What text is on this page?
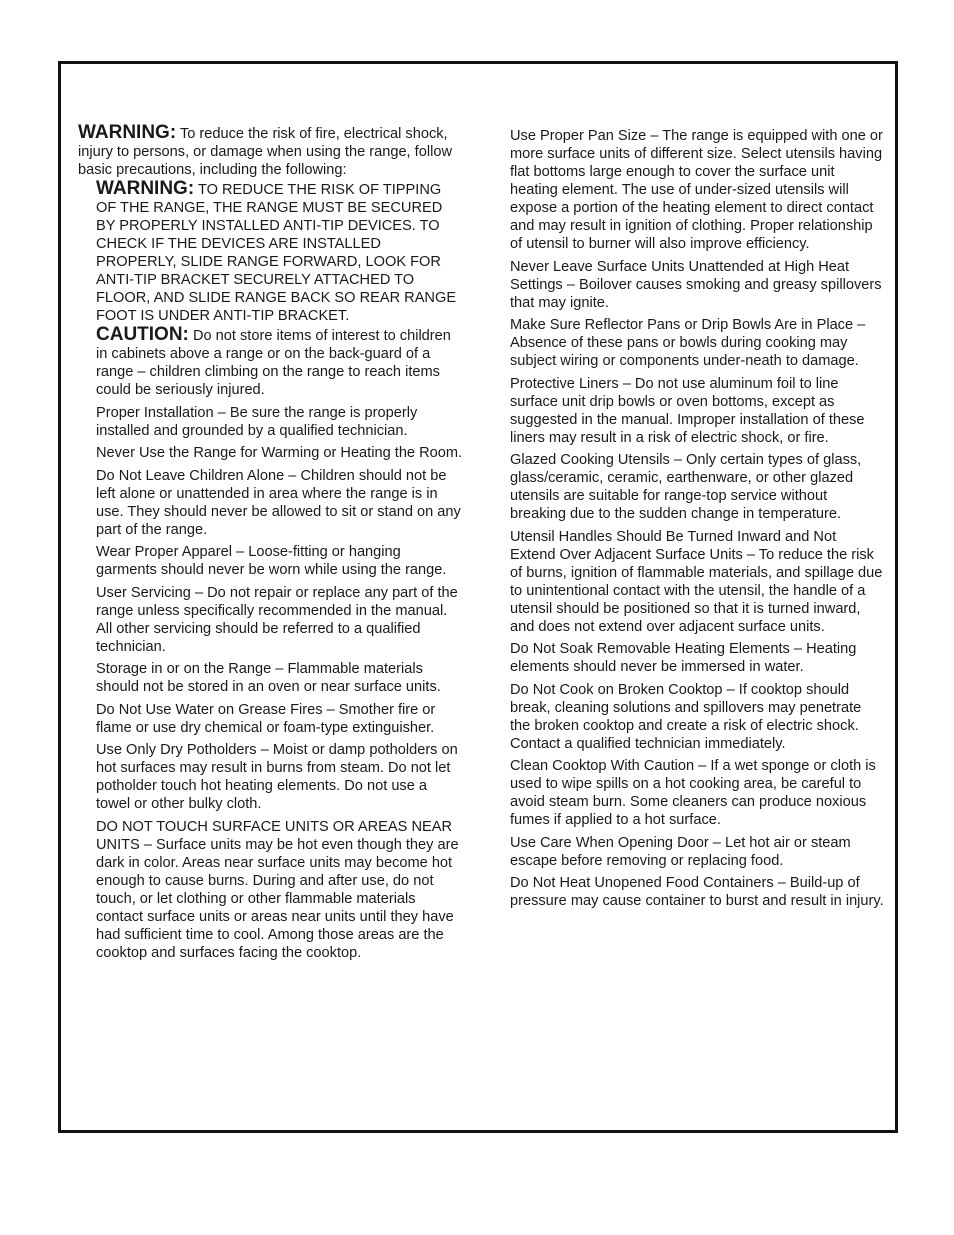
WARNING: To reduce the risk of fire, electrical shock, injury to persons, or damage when using the range, follow basic precautions, including the following:

WARNING: TO REDUCE THE RISK OF TIPPING OF THE RANGE, THE RANGE MUST BE SECURED BY PROPERLY INSTALLED ANTI-TIP DEVICES. TO CHECK IF THE DEVICES ARE INSTALLED PROPERLY, SLIDE RANGE FORWARD, LOOK FOR ANTI-TIP BRACKET SECURELY ATTACHED TO FLOOR, AND SLIDE RANGE BACK SO REAR RANGE FOOT IS UNDER ANTI-TIP BRACKET.

CAUTION: Do not store items of interest to children in cabinets above a range or on the back-guard of a range – children climbing on the range to reach items could be seriously injured.

Proper Installation – Be sure the range is properly installed and grounded by a qualified technician.

Never Use the Range for Warming or Heating the Room.

Do Not Leave Children Alone – Children should not be left alone or unattended in area where the range is in use. They should never be allowed to sit or stand on any part of the range.

Wear Proper Apparel – Loose-fitting or hanging garments should never be worn while using the range.

User Servicing – Do not repair or replace any part of the range unless specifically recommended in the manual. All other servicing should be referred to a qualified technician.

Storage in or on the Range – Flammable materials should not be stored in an oven or near surface units.

Do Not Use Water on Grease Fires – Smother fire or flame or use dry chemical or foam-type extinguisher.

Use Only Dry Potholders – Moist or damp potholders on hot surfaces may result in burns from steam. Do not let potholder touch hot heating elements. Do not use a towel or other bulky cloth.

DO NOT TOUCH SURFACE UNITS OR AREAS NEAR UNITS – Surface units may be hot even though they are dark in color. Areas near surface units may become hot enough to cause burns. During and after use, do not touch, or let clothing or other flammable materials contact surface units or areas near units until they have had sufficient time to cool. Among those areas are the cooktop and surfaces facing the cooktop.

Use Proper Pan Size – The range is equipped with one or more surface units of different size. Select utensils having flat bottoms large enough to cover the surface unit heating element. The use of under-sized utensils will expose a portion of the heating element to direct contact and may result in ignition of clothing. Proper relationship of utensil to burner will also improve efficiency.

Never Leave Surface Units Unattended at High Heat Settings – Boilover causes smoking and greasy spillovers that may ignite.

Make Sure Reflector Pans or Drip Bowls Are in Place – Absence of these pans or bowls during cooking may subject wiring or components under-neath to damage.

Protective Liners – Do not use aluminum foil to line surface unit drip bowls or oven bottoms, except as suggested in the manual. Improper installation of these liners may result in a risk of electric shock, or fire.

Glazed Cooking Utensils – Only certain types of glass, glass/ceramic, ceramic, earthenware, or other glazed utensils are suitable for range-top service without breaking due to the sudden change in temperature.

Utensil Handles Should Be Turned Inward and Not Extend Over Adjacent Surface Units – To reduce the risk of burns, ignition of flammable materials, and spillage due to unintentional contact with the utensil, the handle of a utensil should be positioned so that it is turned inward, and does not extend over adjacent surface units.

Do Not Soak Removable Heating Elements – Heating elements should never be immersed in water.

Do Not Cook on Broken Cooktop – If cooktop should break, cleaning solutions and spillovers may penetrate the broken cooktop and create a risk of electric shock. Contact a qualified technician immediately.

Clean Cooktop With Caution – If a wet sponge or cloth is used to wipe spills on a hot cooking area, be careful to avoid steam burn. Some cleaners can produce noxious fumes if applied to a hot surface.

Use Care When Opening Door – Let hot air or steam escape before removing or replacing food.

Do Not Heat Unopened Food Containers – Build-up of pressure may cause container to burst and result in injury.
